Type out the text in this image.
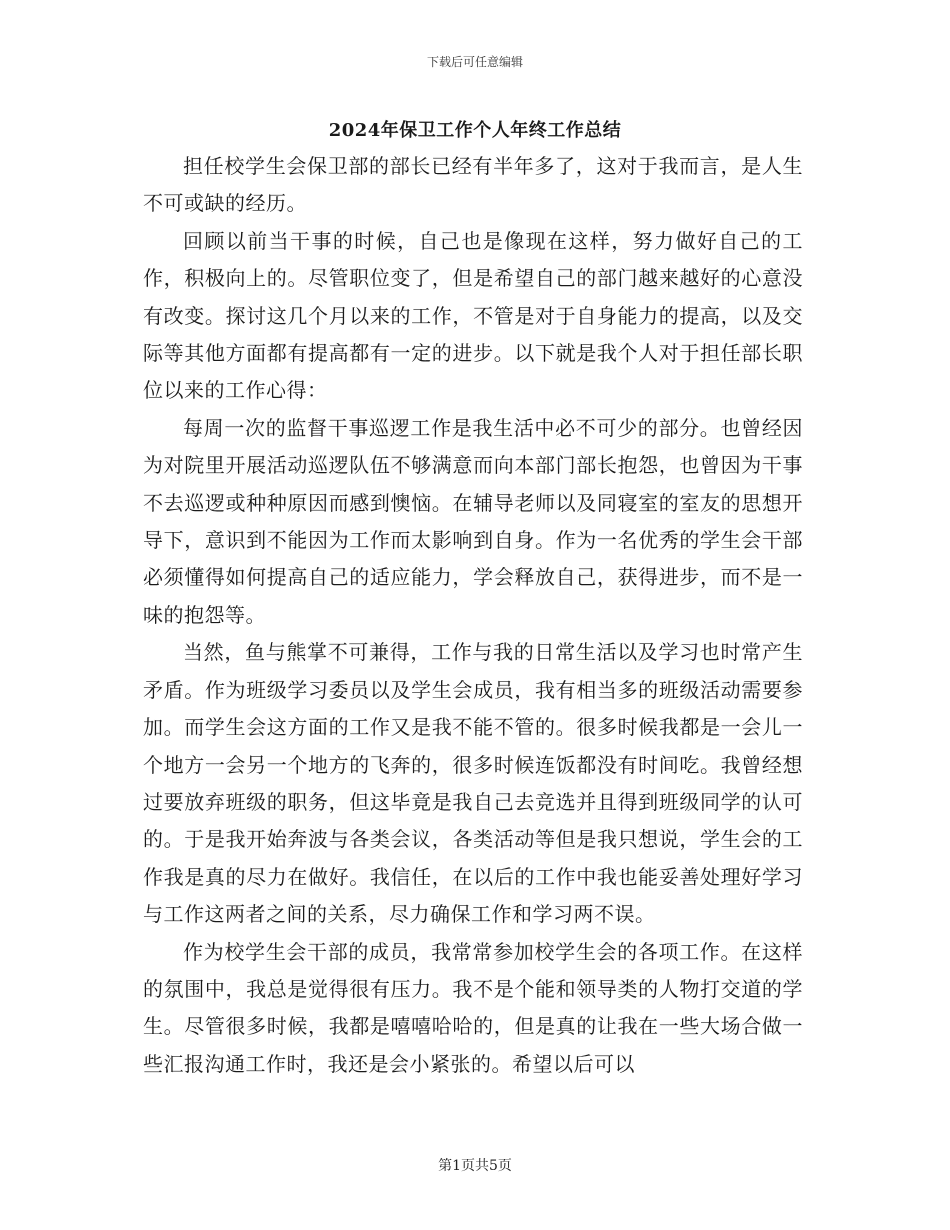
下载后可任意编辑
2024年保卫工作个人年终工作总结

担任校学生会保卫部的部长已经有半年多了，这对于我而言，是人生不可或缺的经历。

回顾以前当干事的时候，自己也是像现在这样，努力做好自己的工作，积极向上的。尽管职位变了，但是希望自己的部门越来越好的心意没有改变。探讨这几个月以来的工作，不管是对于自身能力的提高，以及交际等其他方面都有提高都有一定的进步。以下就是我个人对于担任部长职位以来的工作心得：

每周一次的监督干事巡逻工作是我生活中必不可少的部分。也曾经因为对院里开展活动巡逻队伍不够满意而向本部门部长抱怨，也曾因为干事不去巡逻或种种原因而感到懊恼。在辅导老师以及同寝室的室友的思想开导下，意识到不能因为工作而太影响到自身。作为一名优秀的学生会干部必须懂得如何提高自己的适应能力，学会释放自己，获得进步，而不是一味的抱怨等。

当然，鱼与熊掌不可兼得，工作与我的日常生活以及学习也时常产生矛盾。作为班级学习委员以及学生会成员，我有相当多的班级活动需要参加。而学生会这方面的工作又是我不能不管的。很多时候我都是一会儿一个地方一会另一个地方的飞奔的，很多时候连饭都没有时间吃。我曾经想过要放弃班级的职务，但这毕竟是我自己去竞选并且得到班级同学的认可的。于是我开始奔波与各类会议，各类活动等但是我只想说，学生会的工作我是真的尽力在做好。我信任，在以后的工作中我也能妥善处理好学习与工作这两者之间的关系，尽力确保工作和学习两不误。

作为校学生会干部的成员，我常常参加校学生会的各项工作。在这样的氛围中，我总是觉得很有压力。我不是个能和领导类的人物打交道的学生。尽管很多时候，我都是嘻嘻哈哈的，但是真的让我在一些大场合做一些汇报沟通工作时，我还是会小紧张的。希望以后可以

第1页共5页
